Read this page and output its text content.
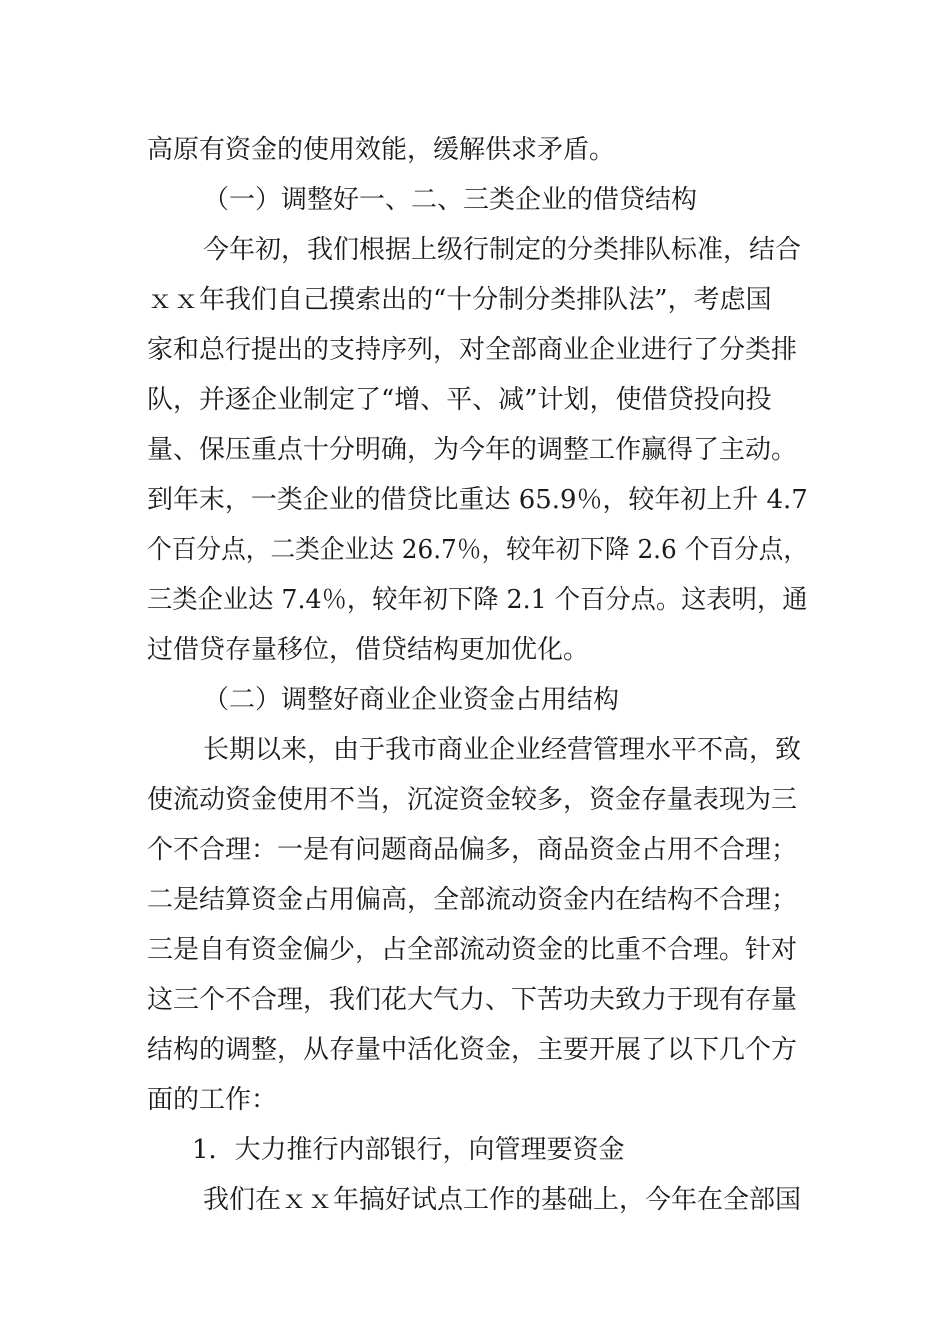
高原有资金的使用效能，缓解供求矛盾。
（一）调整好一、二、三类企业的借贷结构
今年初，我们根据上级行制定的分类排队标准，结合
ｘｘ年我们自己摸索出的“十分制分类排队法”，考虑国
家和总行提出的支持序列，对全部商业企业进行了分类排
队，并逐企业制定了“增、平、减”计划，使借贷投向投
量、保压重点十分明确，为今年的调整工作赢得了主动。
到年末，一类企业的借贷比重达 65.9％，较年初上升 4.7
个百分点，二类企业达 26.7％，较年初下降 2.6 个百分点，
三类企业达 7.4％，较年初下降 2.1 个百分点。这表明，通
过借贷存量移位，借贷结构更加优化。
（二）调整好商业企业资金占用结构
长期以来，由于我市商业企业经营管理水平不高，致
使流动资金使用不当，沉淀资金较多，资金存量表现为三
个不合理：一是有问题商品偏多，商品资金占用不合理；
二是结算资金占用偏高，全部流动资金内在结构不合理；
三是自有资金偏少，占全部流动资金的比重不合理。针对
这三个不合理，我们花大气力、下苦功夫致力于现有存量
结构的调整，从存量中活化资金，主要开展了以下几个方
面的工作：
1．大力推行内部银行，向管理要资金
我们在ｘｘ年搞好试点工作的基础上，今年在全部国
